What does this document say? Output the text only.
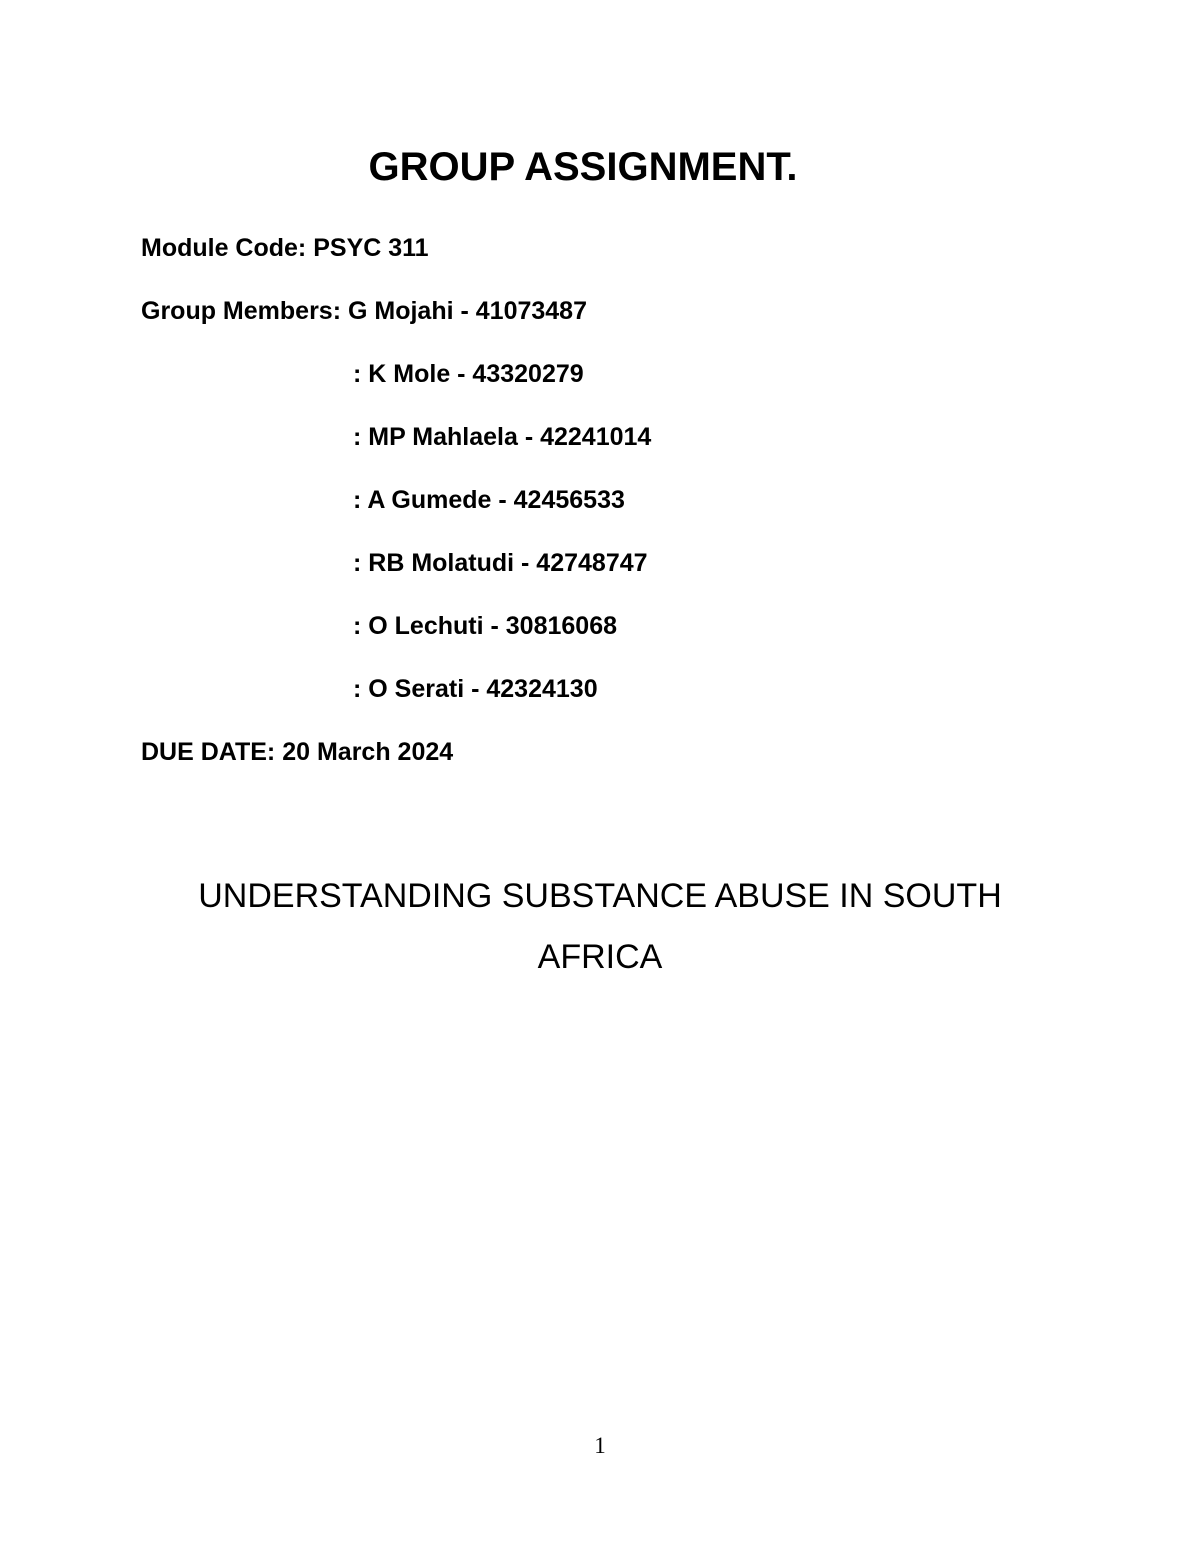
GROUP ASSIGNMENT.
Module Code: PSYC 311
Group Members: G Mojahi - 41073487
: K Mole - 43320279
: MP Mahlaela - 42241014
: A Gumede - 42456533
: RB Molatudi - 42748747
: O Lechuti - 30816068
: O Serati - 42324130
DUE DATE: 20 March 2024
UNDERSTANDING SUBSTANCE ABUSE IN SOUTH
AFRICA
1
